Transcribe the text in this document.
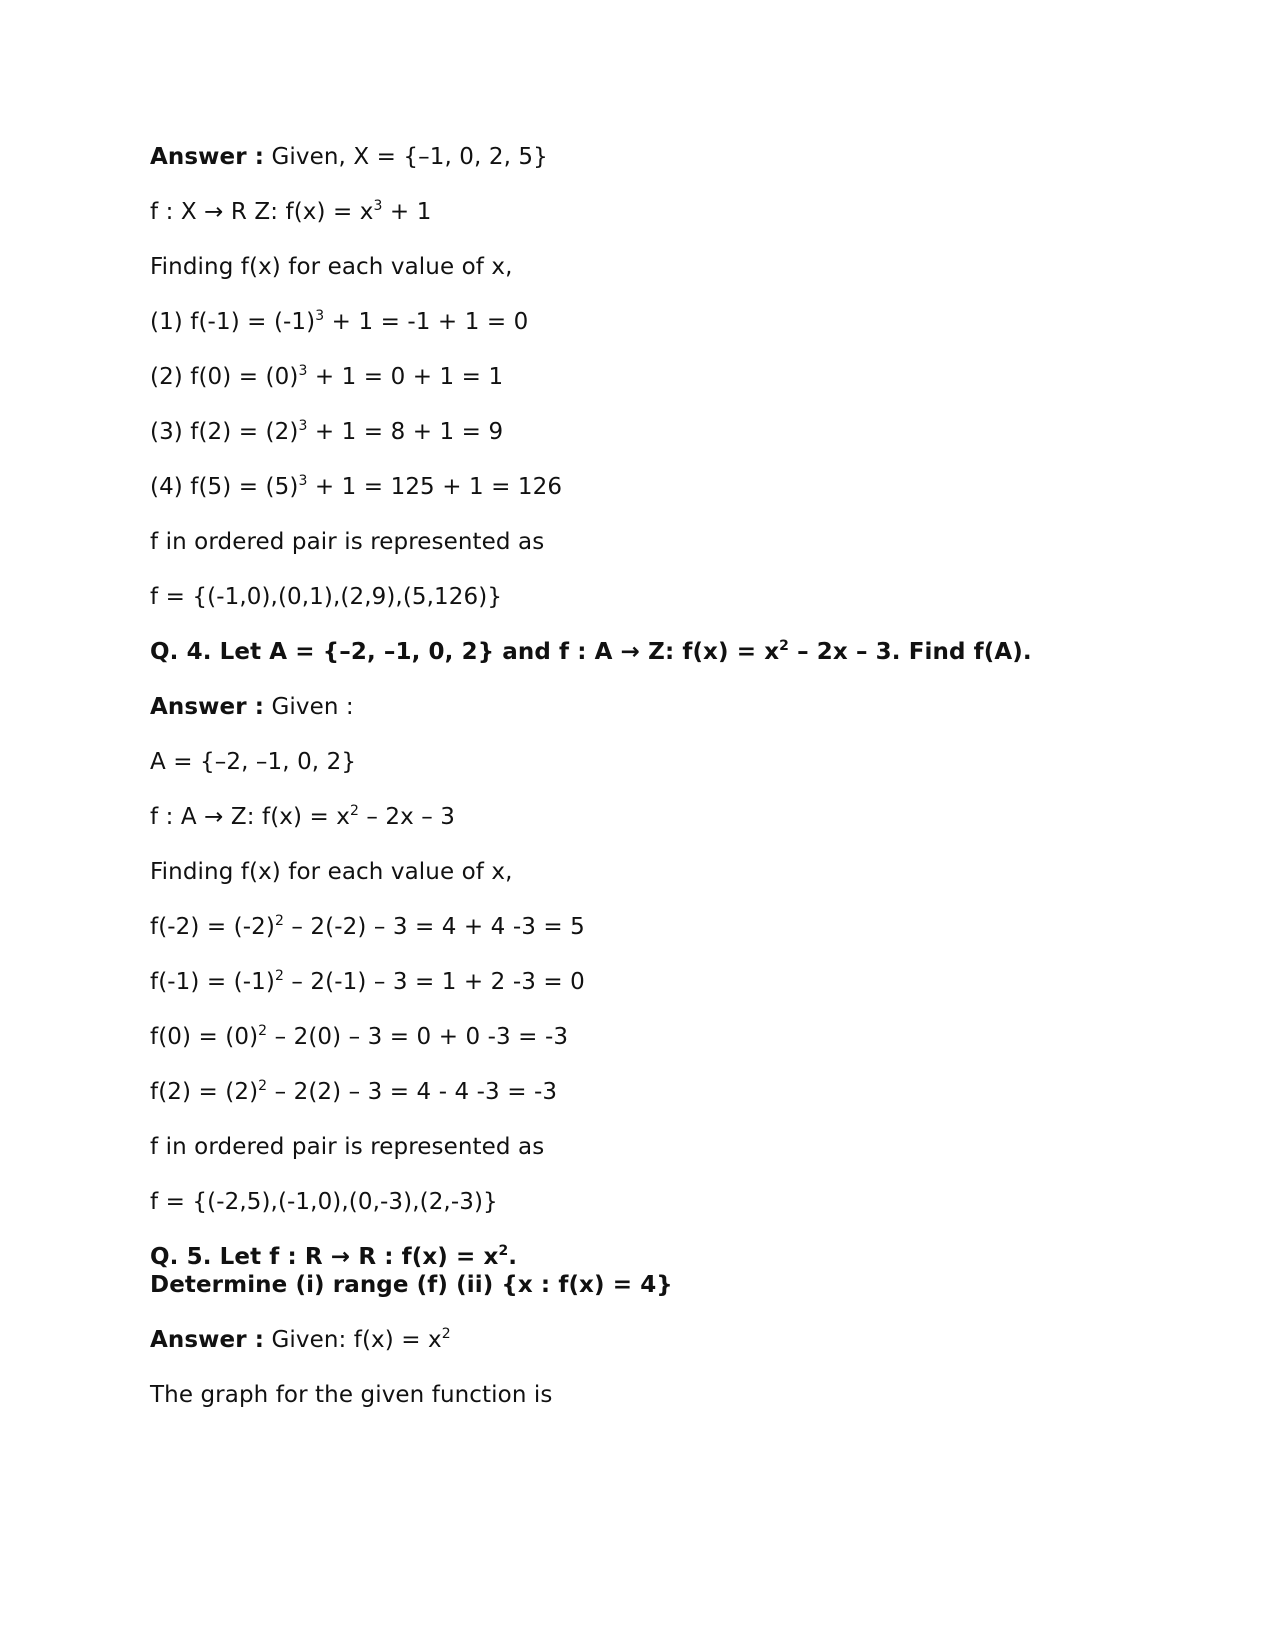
Answer : Given, X = {–1, 0, 2, 5}
f : X → R Z: $f(x) = x^3 + 1$
Finding f(x) for each value of x,
(1) $f(-1) = (-1)^3 + 1 = -1 + 1 = 0$
(2) $f(0) = (0)^3 + 1 = 0 + 1 = 1$
(3) $f(2) = (2)^3 + 1 = 8 + 1 = 9$
(4) $f(5) = (5)^3 + 1 = 125 + 1 = 126$
f in ordered pair is represented as
f = {(-1,0),(0,1),(2,9),(5,126)}
Q. 4. Let A = {–2, –1, 0, 2} and f : A → Z: $f(x) = x^2 - 2x - 3$. Find f(A).
Answer : Given :
A = {–2, –1, 0, 2}
f : A → Z: $f(x) = x^2 - 2x - 3$
Finding f(x) for each value of x,
$f(-2) = (-2)^2 - 2(-2) - 3 = 4 + 4$ -3 = 5
$f(-1) = (-1)^2 - 2(-1) - 3 = 1 + 2$ -3 = 0
$f(0) = (0)^2 - 2(0) - 3 = 0 + 0$ -3 = -3
$f(2) = (2)^2 - 2(2) - 3 = 4 - 4$ -3 = -3
f in ordered pair is represented as
f = {(-2,5),(-1,0),(0,-3),(2,-3)}
Q. 5. Let f : R → R : $f(x) = x^2$.
Determine (i) range (f) (ii) {x : f(x) = 4}
Answer : Given: $f(x) = x^2$
The graph for the given function is
